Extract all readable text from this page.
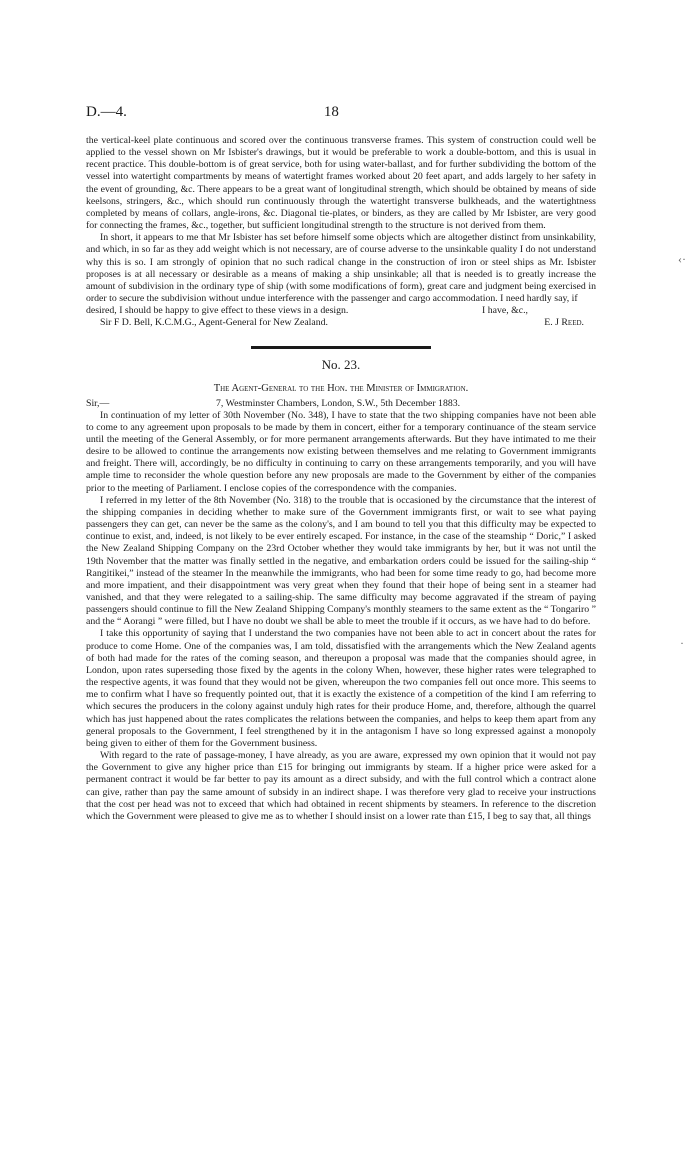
‹·
·
D.—4.	18

the vertical-keel plate continuous and scored over the continuous transverse frames. This system of construction could well be applied to the vessel shown on Mr Isbister's drawings, but it would be preferable to work a double-bottom, and this is usual in recent practice. This double-bottom is of great service, both for using water-ballast, and for further subdividing the bottom of the vessel into watertight compartments by means of watertight frames worked about 20 feet apart, and adds largely to her safety in the event of grounding, &c. There appears to be a great want of longitudinal strength, which should be obtained by means of side keelsons, stringers, &c., which should run continuously through the watertight transverse bulkheads, and the watertightness completed by means of collars, angle-irons, &c. Diagonal tie-plates, or binders, as they are called by Mr Isbister, are very good for connecting the frames, &c., together, but sufficient longitudinal strength to the structure is not derived from them.

In short, it appears to me that Mr Isbister has set before himself some objects which are altogether distinct from unsinkability, and which, in so far as they add weight which is not necessary, are of course adverse to the unsinkable quality I do not understand why this is so. I am strongly of opinion that no such radical change in the construction of iron or steel ships as Mr. Isbister proposes is at all necessary or desirable as a means of making a ship unsinkable; all that is needed is to greatly increase the amount of subdivision in the ordinary type of ship (with some modifications of form), great care and judgment being exercised in order to secure the subdivision without undue interference with the passenger and cargo accommodation. I need hardly say, if

desired, I should be happy to give effect to these views in a design.	I have, &c.,
Sir F D. Bell, K.C.M.G., Agent-General for New Zealand.	E. J Reed.
No. 23.
The Agent-General to the Hon. the Minister of Immigration.
Sir,—	7, Westminster Chambers, London, S.W., 5th December 1883.

In continuation of my letter of 30th November (No. 348), I have to state that the two shipping companies have not been able to come to any agreement upon proposals to be made by them in concert, either for a temporary continuance of the steam service until the meeting of the General Assembly, or for more permanent arrangements afterwards. But they have intimated to me their desire to be allowed to continue the arrangements now existing between themselves and me relating to Government immigrants and freight. There will, accordingly, be no difficulty in continuing to carry on these arrangements temporarily, and you will have ample time to reconsider the whole question before any new proposals are made to the Government by either of the companies prior to the meeting of Parliament. I enclose copies of the correspondence with the companies.

I referred in my letter of the 8th November (No. 318) to the trouble that is occasioned by the circumstance that the interest of the shipping companies in deciding whether to make sure of the Government immigrants first, or wait to see what paying passengers they can get, can never be the same as the colony's, and I am bound to tell you that this difficulty may be expected to continue to exist, and, indeed, is not likely to be ever entirely escaped. For instance, in the case of the steamship “ Doric,” I asked the New Zealand Shipping Company on the 23rd October whether they would take immigrants by her, but it was not until the 19th November that the matter was finally settled in the negative, and embarkation orders could be issued for the sailing-ship “ Rangitikei,” instead of the steamer In the meanwhile the immigrants, who had been for some time ready to go, had become more and more impatient, and their disappointment was very great when they found that their hope of being sent in a steamer had vanished, and that they were relegated to a sailing-ship. The same difficulty may become aggravated if the stream of paying passengers should continue to fill the New Zealand Shipping Company's monthly steamers to the same extent as the “ Tongariro ” and the “ Aorangi ” were filled, but I have no doubt we shall be able to meet the trouble if it occurs, as we have had to do before.

I take this opportunity of saying that I understand the two companies have not been able to act in concert about the rates for produce to come Home. One of the companies was, I am told, dissatisfied with the arrangements which the New Zealand agents of both had made for the rates of the coming season, and thereupon a proposal was made that the companies should agree, in London, upon rates superseding those fixed by the agents in the colony When, however, these higher rates were telegraphed to the respective agents, it was found that they would not be given, whereupon the two companies fell out once more. This seems to me to confirm what I have so frequently pointed out, that it is exactly the existence of a competition of the kind I am referring to which secures the producers in the colony against unduly high rates for their produce Home, and, therefore, although the quarrel which has just happened about the rates complicates the relations between the companies, and helps to keep them apart from any general proposals to the Government, I feel strengthened by it in the antagonism I have so long expressed against a monopoly being given to either of them for the Government business.

With regard to the rate of passage-money, I have already, as you are aware, expressed my own opinion that it would not pay the Government to give any higher price than £15 for bringing out immigrants by steam. If a higher price were asked for a permanent contract it would be far better to pay its amount as a direct subsidy, and with the full control which a contract alone can give, rather than pay the same amount of subsidy in an indirect shape. I was therefore very glad to receive your instructions that the cost per head was not to exceed that which had obtained in recent shipments by steamers. In reference to the discretion which the Government were pleased to give me as to whether I should insist on a lower rate than £15, I beg to say that, all things
